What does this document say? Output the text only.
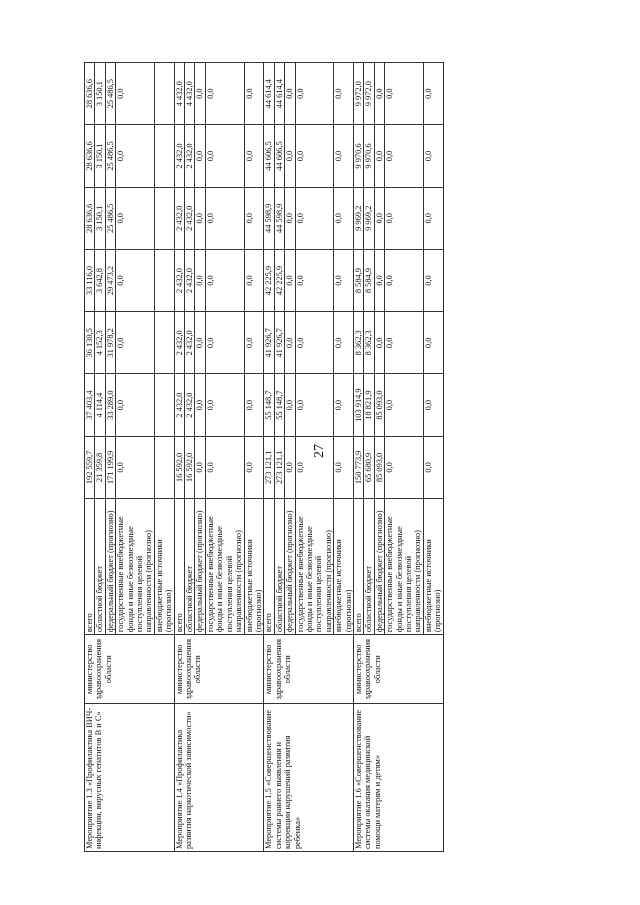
27
Мероприятие 1.3 «Профилактика ВИЧ-инфекции, вирусных гепатитов В и С»	министерство здравоохранения области	всего	192 559,7	37 403,4	36 130,5	33 116,0	28 636,6	28 636,6	28 636,6
		областной бюджет	21 359,8	4 114,4	4 152,3	3 642,8	3 150,1	3 150,1	3 150,1
		федеральный бюджет (прогнозно)	171 199,9	33 289,0	31 978,2	29 473,2	25 486,5	25 486,5	25 486,5
		государственные внебюджетные фонды и иные безвозмездные поступления целевой направленности (прогнозно)	0,0	0,0	0,0	0,0	0,0	0,0	0,0
		внебюджетные источники (прогнозно)							
Мероприятие 1.4 «Профилактика развития наркотической зависимости»	министерство здравоохранения области	всего	16 592,0	2 432,0	2 432,0	2 432,0	2 432,0	2 432,0	4 432,0
		областной бюджет	16 592,0	2 432,0	2 432,0	2 432,0	2 432,0	2 432,0	4 432,0
		федеральный бюджет (прогнозно)	0,0	0,0	0,0	0,0	0,0	0,0	0,0
		государственные внебюджетные фонды и иные безвозмездные поступления целевой направленности (прогнозно)	0,0	0,0	0,0	0,0	0,0	0,0	0,0
		внебюджетные источники (прогнозно)	0,0	0,0	0,0	0,0	0,0	0,0	0,0
Мероприятие 1.5 «Совершенствование системы раннего выявления и коррекции нарушений развития ребенка»	министерство здравоохранения области	всего	273 121,1	55 148,7	41 926,7	42 225,9	44 598,9	44 606,5	44 614,4
		областной бюджет	273 121,1	55 148,7	41 926,7	42 225,9	44 598,9	44 606,5	44 614,4
		федеральный бюджет (прогнозно)	0,0	0,0	0,0	0,0	0,0	0,0	0,0
		государственные внебюджетные фонды и иные безвозмездные поступления целевой направленности (прогнозно)	0,0	0,0	0,0	0,0	0,0	0,0	0,0
		внебюджетные источники (прогнозно)	0,0	0,0	0,0	0,0	0,0	0,0	0,0
Мероприятие 1.6 «Совершенствование системы оказания медицинской помощи матерям и детям»	министерство здравоохранения области	всего	150 773,9	103 914,9	8 362,3	8 584,9	9 969,2	9 970,6	9 972,0
		областной бюджет	65 680,9	18 821,9	8 362,3	8 584,9	9 969,2	9 970,6	9 972,0
		федеральный бюджет (прогнозно)	85 093,0	85 093,0	0,0	0,0	0,0	0,0	0,0
		государственные внебюджетные фонды и иные безвозмездные поступления целевой направленности (прогнозно)	0,0	0,0	0,0	0,0	0,0	0,0	0,0
		внебюджетные источники (прогнозно)	0,0	0,0	0,0	0,0	0,0	0,0	0,0
